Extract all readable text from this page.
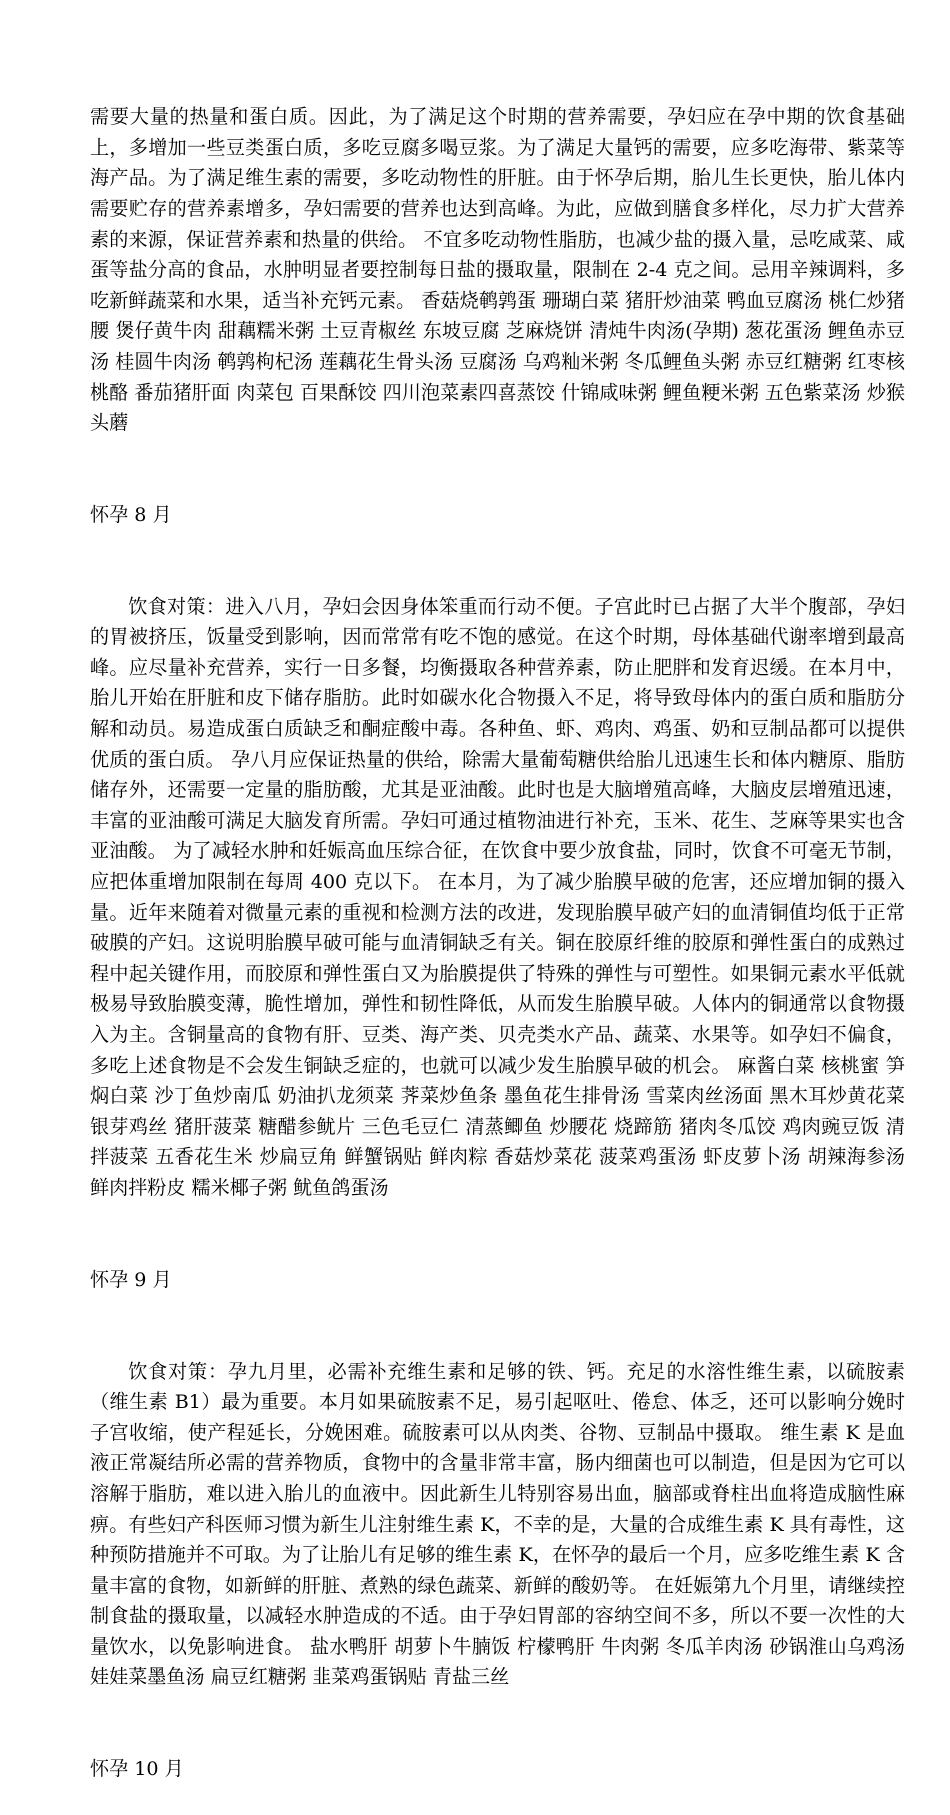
需要大量的热量和蛋白质。因此，为了满足这个时期的营养需要，孕妇应在孕中期的饮食基础上，多增加一些豆类蛋白质，多吃豆腐多喝豆浆。为了满足大量钙的需要，应多吃海带、紫菜等海产品。为了满足维生素的需要，多吃动物性的肝脏。由于怀孕后期，胎儿生长更快，胎儿体内需要贮存的营养素增多，孕妇需要的营养也达到高峰。为此，应做到膳食多样化，尽力扩大营养素的来源，保证营养素和热量的供给。 不宜多吃动物性脂肪，也减少盐的摄入量，忌吃咸菜、咸蛋等盐分高的食品，水肿明显者要控制每日盐的摄取量，限制在 2-4 克之间。忌用辛辣调料，多吃新鲜蔬菜和水果，适当补充钙元素。 香菇烧鹌鹑蛋 珊瑚白菜 猪肝炒油菜 鸭血豆腐汤 桃仁炒猪腰 煲仔黄牛肉 甜藕糯米粥 土豆青椒丝 东坡豆腐 芝麻烧饼 清炖牛肉汤(孕期) 葱花蛋汤 鲤鱼赤豆汤 桂圆牛肉汤 鹌鹑枸杞汤 莲藕花生骨头汤 豆腐汤 乌鸡籼米粥 冬瓜鲤鱼头粥 赤豆红糖粥 红枣核桃酪 番茄猪肝面 肉菜包 百果酥饺 四川泡菜素四喜蒸饺 什锦咸味粥 鲤鱼粳米粥 五色紫菜汤 炒猴头蘑

怀孕 8 月

饮食对策：进入八月，孕妇会因身体笨重而行动不便。子宫此时已占据了大半个腹部，孕妇的胃被挤压，饭量受到影响，因而常常有吃不饱的感觉。在这个时期，母体基础代谢率增到最高峰。应尽量补充营养，实行一日多餐，均衡摄取各种营养素，防止肥胖和发育迟缓。在本月中，胎儿开始在肝脏和皮下储存脂肪。此时如碳水化合物摄入不足，将导致母体内的蛋白质和脂肪分解和动员。易造成蛋白质缺乏和酮症酸中毒。各种鱼、虾、鸡肉、鸡蛋、奶和豆制品都可以提供优质的蛋白质。 孕八月应保证热量的供给，除需大量葡萄糖供给胎儿迅速生长和体内糖原、脂肪储存外，还需要一定量的脂肪酸，尤其是亚油酸。此时也是大脑增殖高峰，大脑皮层增殖迅速，丰富的亚油酸可满足大脑发育所需。孕妇可通过植物油进行补充，玉米、花生、芝麻等果实也含亚油酸。 为了减轻水肿和妊娠高血压综合征，在饮食中要少放食盐，同时，饮食不可毫无节制，应把体重增加限制在每周 400 克以下。 在本月，为了减少胎膜早破的危害，还应增加铜的摄入量。近年来随着对微量元素的重视和检测方法的改进，发现胎膜早破产妇的血清铜值均低于正常破膜的产妇。这说明胎膜早破可能与血清铜缺乏有关。铜在胶原纤维的胶原和弹性蛋白的成熟过程中起关键作用，而胶原和弹性蛋白又为胎膜提供了特殊的弹性与可塑性。如果铜元素水平低就极易导致胎膜变薄，脆性增加，弹性和韧性降低，从而发生胎膜早破。人体内的铜通常以食物摄入为主。含铜量高的食物有肝、豆类、海产类、贝壳类水产品、蔬菜、水果等。如孕妇不偏食，多吃上述食物是不会发生铜缺乏症的，也就可以减少发生胎膜早破的机会。 麻酱白菜 核桃蜜 笋焖白菜 沙丁鱼炒南瓜 奶油扒龙须菜 荠菜炒鱼条 墨鱼花生排骨汤 雪菜肉丝汤面 黑木耳炒黄花菜 银芽鸡丝 猪肝菠菜 糖醋参鱿片 三色毛豆仁 清蒸鲫鱼 炒腰花 烧蹄筋 猪肉冬瓜饺 鸡肉豌豆饭 清拌菠菜 五香花生米 炒扁豆角 鲜蟹锅贴 鲜肉粽 香菇炒菜花 菠菜鸡蛋汤 虾皮萝卜汤 胡辣海参汤 鲜肉拌粉皮 糯米椰子粥 鱿鱼鸽蛋汤

怀孕 9 月

饮食对策：孕九月里，必需补充维生素和足够的铁、钙。充足的水溶性维生素，以硫胺素（维生素 B1）最为重要。本月如果硫胺素不足，易引起呕吐、倦怠、体乏，还可以影响分娩时子宫收缩，使产程延长，分娩困难。硫胺素可以从肉类、谷物、豆制品中摄取。 维生素 K 是血液正常凝结所必需的营养物质，食物中的含量非常丰富，肠内细菌也可以制造，但是因为它可以溶解于脂肪，难以进入胎儿的血液中。因此新生儿特别容易出血，脑部或脊柱出血将造成脑性麻痹。有些妇产科医师习惯为新生儿注射维生素 K，不幸的是，大量的合成维生素 K 具有毒性，这种预防措施并不可取。为了让胎儿有足够的维生素 K，在怀孕的最后一个月，应多吃维生素 K 含量丰富的食物，如新鲜的肝脏、煮熟的绿色蔬菜、新鲜的酸奶等。 在妊娠第九个月里，请继续控制食盐的摄取量，以减轻水肿造成的不适。由于孕妇胃部的容纳空间不多，所以不要一次性的大量饮水，以免影响进食。 盐水鸭肝 胡萝卜牛腩饭 柠檬鸭肝 牛肉粥 冬瓜羊肉汤 砂锅淮山乌鸡汤 娃娃菜墨鱼汤 扁豆红糖粥 韭菜鸡蛋锅贴 青盐三丝

怀孕 10 月
